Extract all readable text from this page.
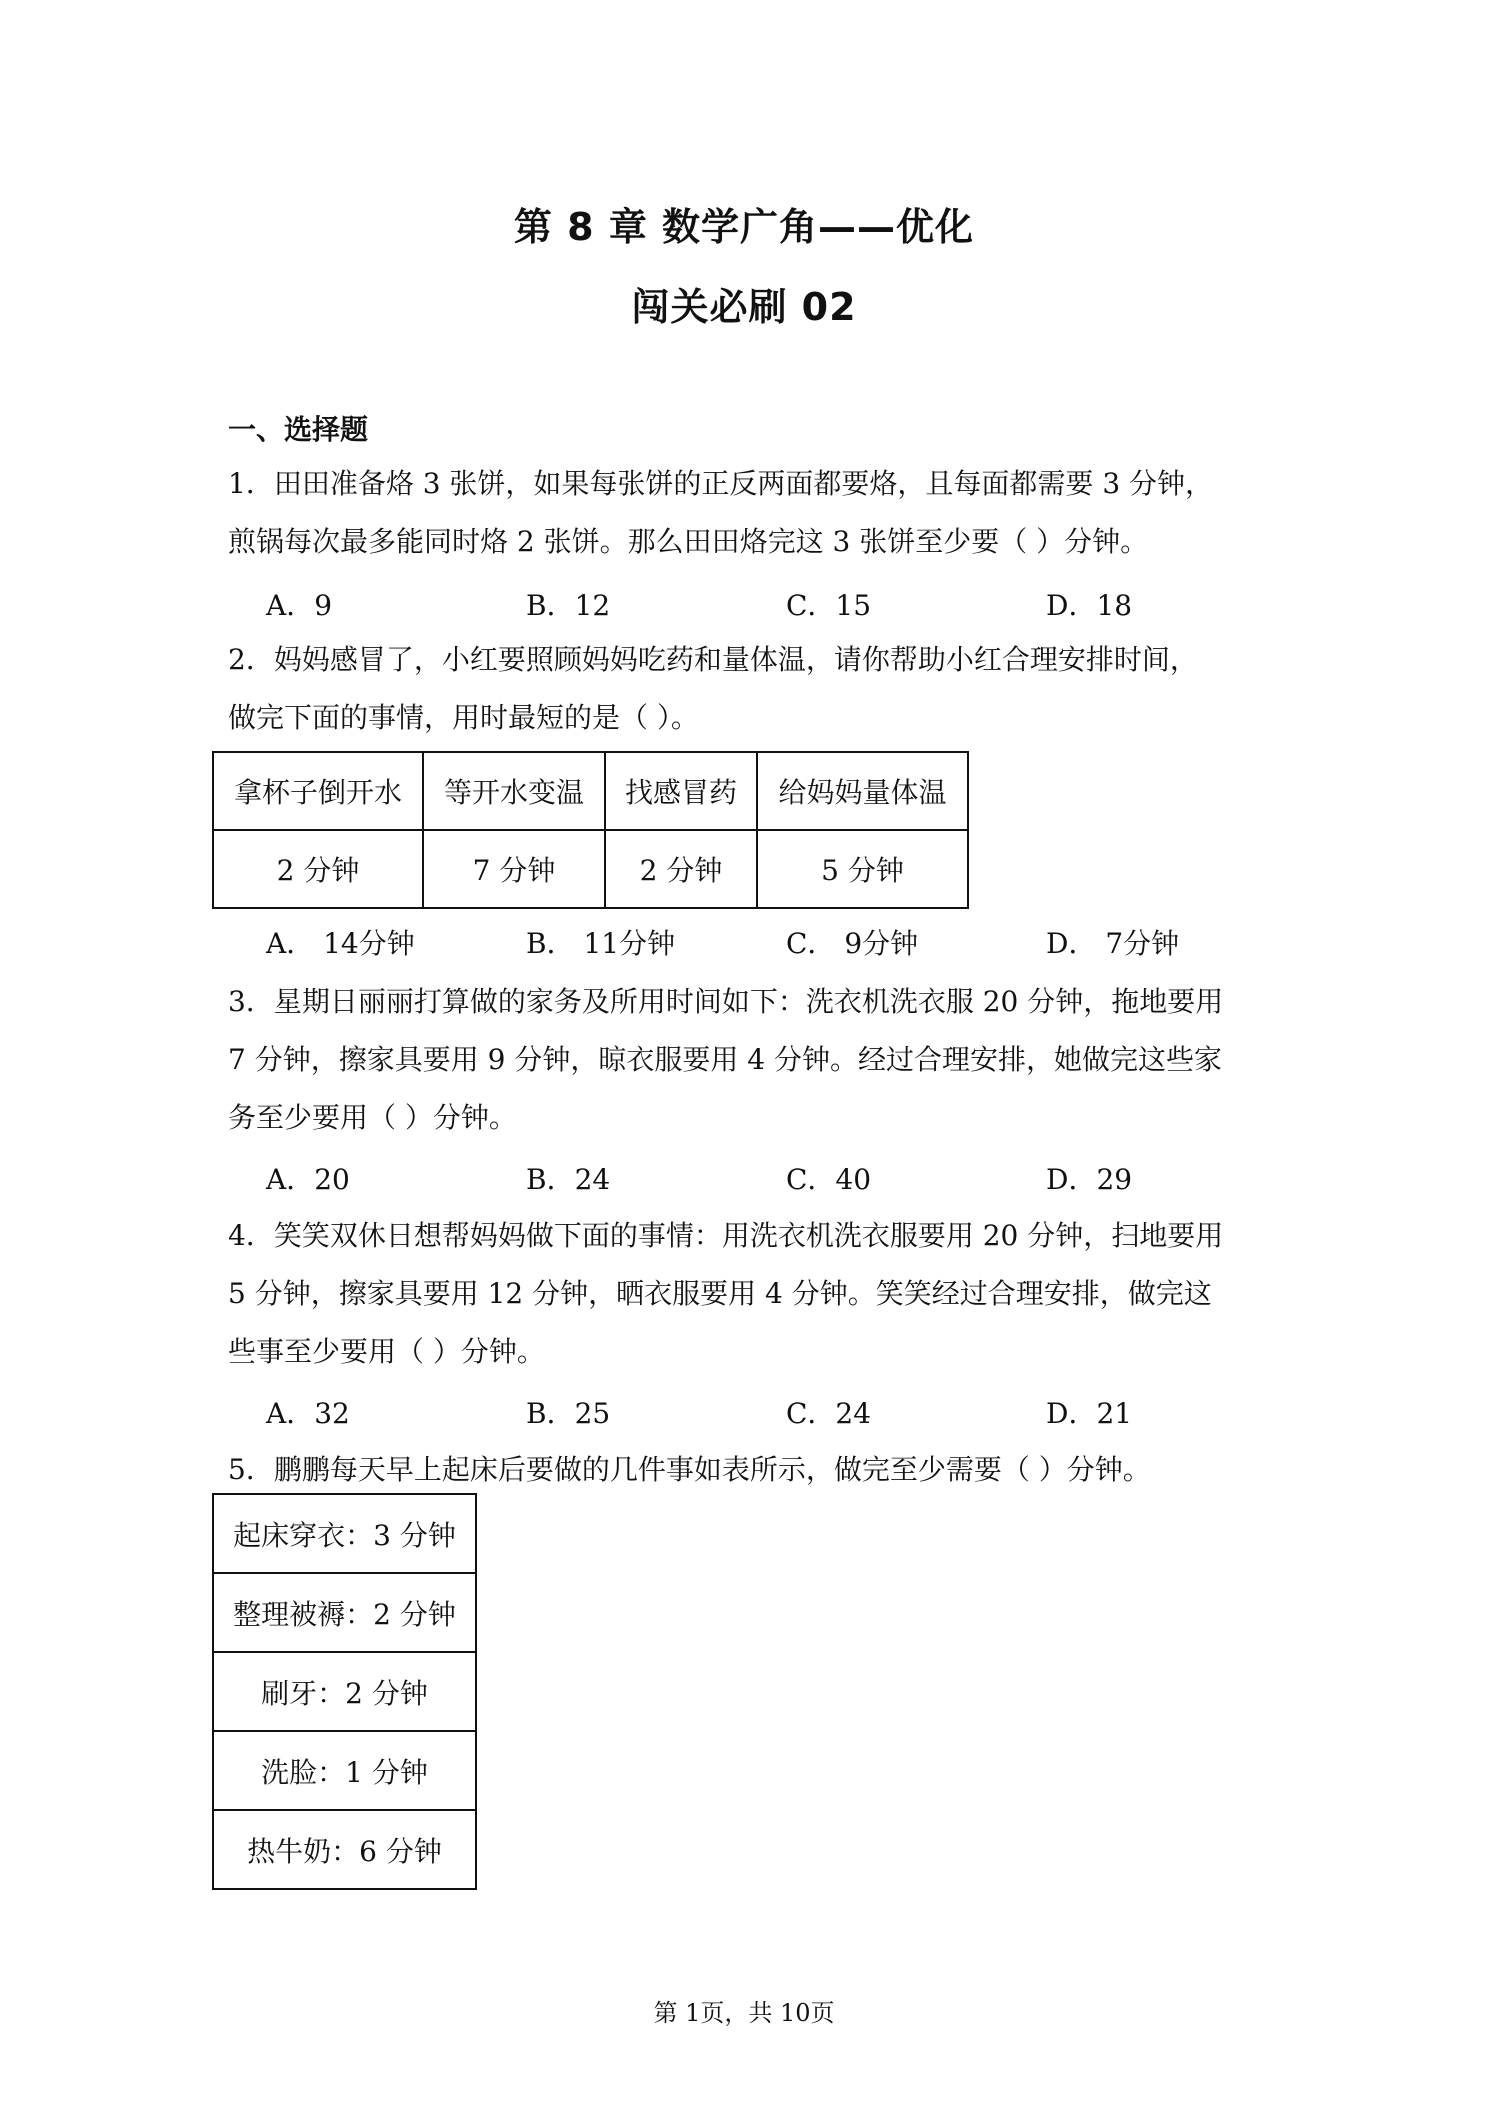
第 8 章 数学广角——优化
闯关必刷 02
一、选择题
1．田田准备烙 3 张饼，如果每张饼的正反两面都要烙，且每面都需要 3 分钟，
煎锅每次最多能同时烙 2 张饼。那么田田烙完这 3 张饼至少要（ ）分钟。
A．9	B．12	C．15	D．18
2．妈妈感冒了，小红要照顾妈妈吃药和量体温，请你帮助小红合理安排时间，
做完下面的事情，用时最短的是（ ）。
拿杯子倒开水	等开水变温	找感冒药	给妈妈量体温
2 分钟	7 分钟	2 分钟	5 分钟
A． 14分钟	B． 11分钟	C． 9分钟	D． 7分钟
3．星期日丽丽打算做的家务及所用时间如下：洗衣机洗衣服 20 分钟，拖地要用
7 分钟，擦家具要用 9 分钟，晾衣服要用 4 分钟。经过合理安排，她做完这些家
务至少要用（ ）分钟。
A．20	B．24	C．40	D．29
4．笑笑双休日想帮妈妈做下面的事情：用洗衣机洗衣服要用 20 分钟，扫地要用
5 分钟，擦家具要用 12 分钟，晒衣服要用 4 分钟。笑笑经过合理安排，做完这
些事至少要用（ ）分钟。
A．32	B．25	C．24	D．21
5．鹏鹏每天早上起床后要做的几件事如表所示，做完至少需要（ ）分钟。
起床穿衣：3 分钟
整理被褥：2 分钟
刷牙：2 分钟
洗脸：1 分钟
热牛奶：6 分钟
第 1页，共 10页
